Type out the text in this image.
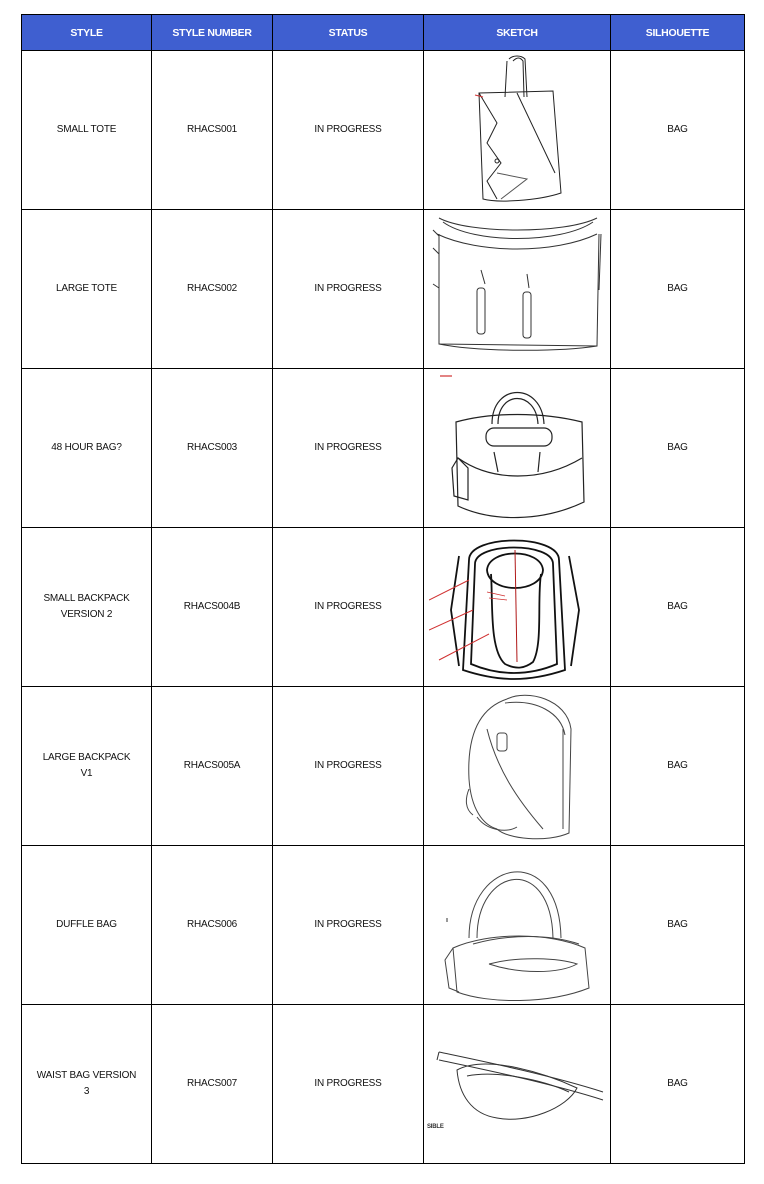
STYLE	STYLE NUMBER	STATUS	SKETCH	SILHOUETTE
SMALL TOTE	RHACS001	IN PROGRESS		BAG
LARGE TOTE	RHACS002	IN PROGRESS		BAG
48 HOUR BAG?	RHACS003	IN PROGRESS		BAG
SMALL BACKPACK VERSION 2	RHACS004B	IN PROGRESS		BAG
LARGE BACKPACK V1	RHACS005A	IN PROGRESS		BAG
DUFFLE BAG	RHACS006	IN PROGRESS		BAG
WAIST BAG VERSION 3	RHACS007	IN PROGRESS	SIBLE	BAG
